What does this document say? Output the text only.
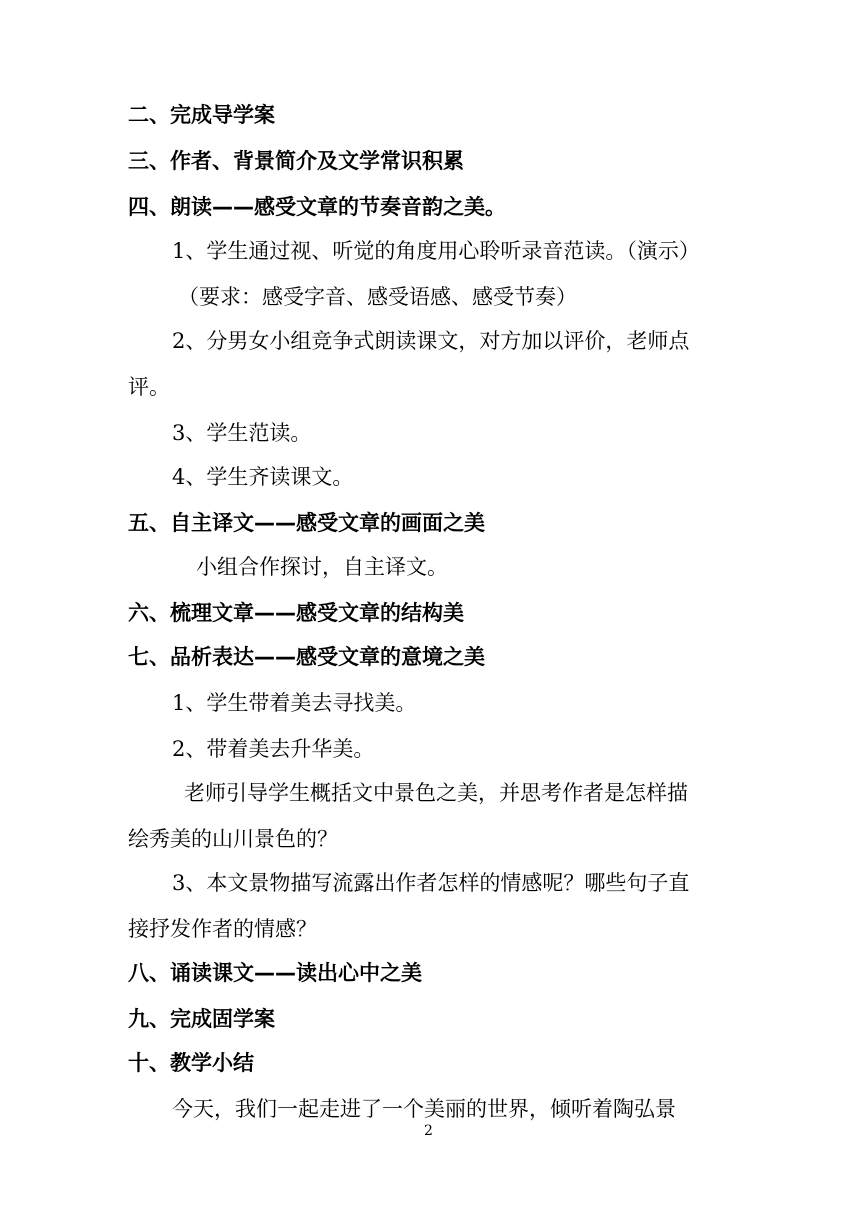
二、完成导学案
三、作者、背景简介及文学常识积累
四、朗读——感受文章的节奏音韵之美。
1、学生通过视、听觉的角度用心聆听录音范读。（演示）
（要求：感受字音、感受语感、感受节奏）
2、分男女小组竞争式朗读课文，对方加以评价，老师点
评。
3、学生范读。
4、学生齐读课文。
五、自主译文——感受文章的画面之美
小组合作探讨，自主译文。
六、梳理文章——感受文章的结构美
七、品析表达——感受文章的意境之美
1、学生带着美去寻找美。
2、带着美去升华美。
老师引导学生概括文中景色之美，并思考作者是怎样描
绘秀美的山川景色的？
3、本文景物描写流露出作者怎样的情感呢？哪些句子直
接抒发作者的情感？
八、诵读课文——读出心中之美
九、完成固学案
十、教学小结
今天，我们一起走进了一个美丽的世界，倾听着陶弘景
2
